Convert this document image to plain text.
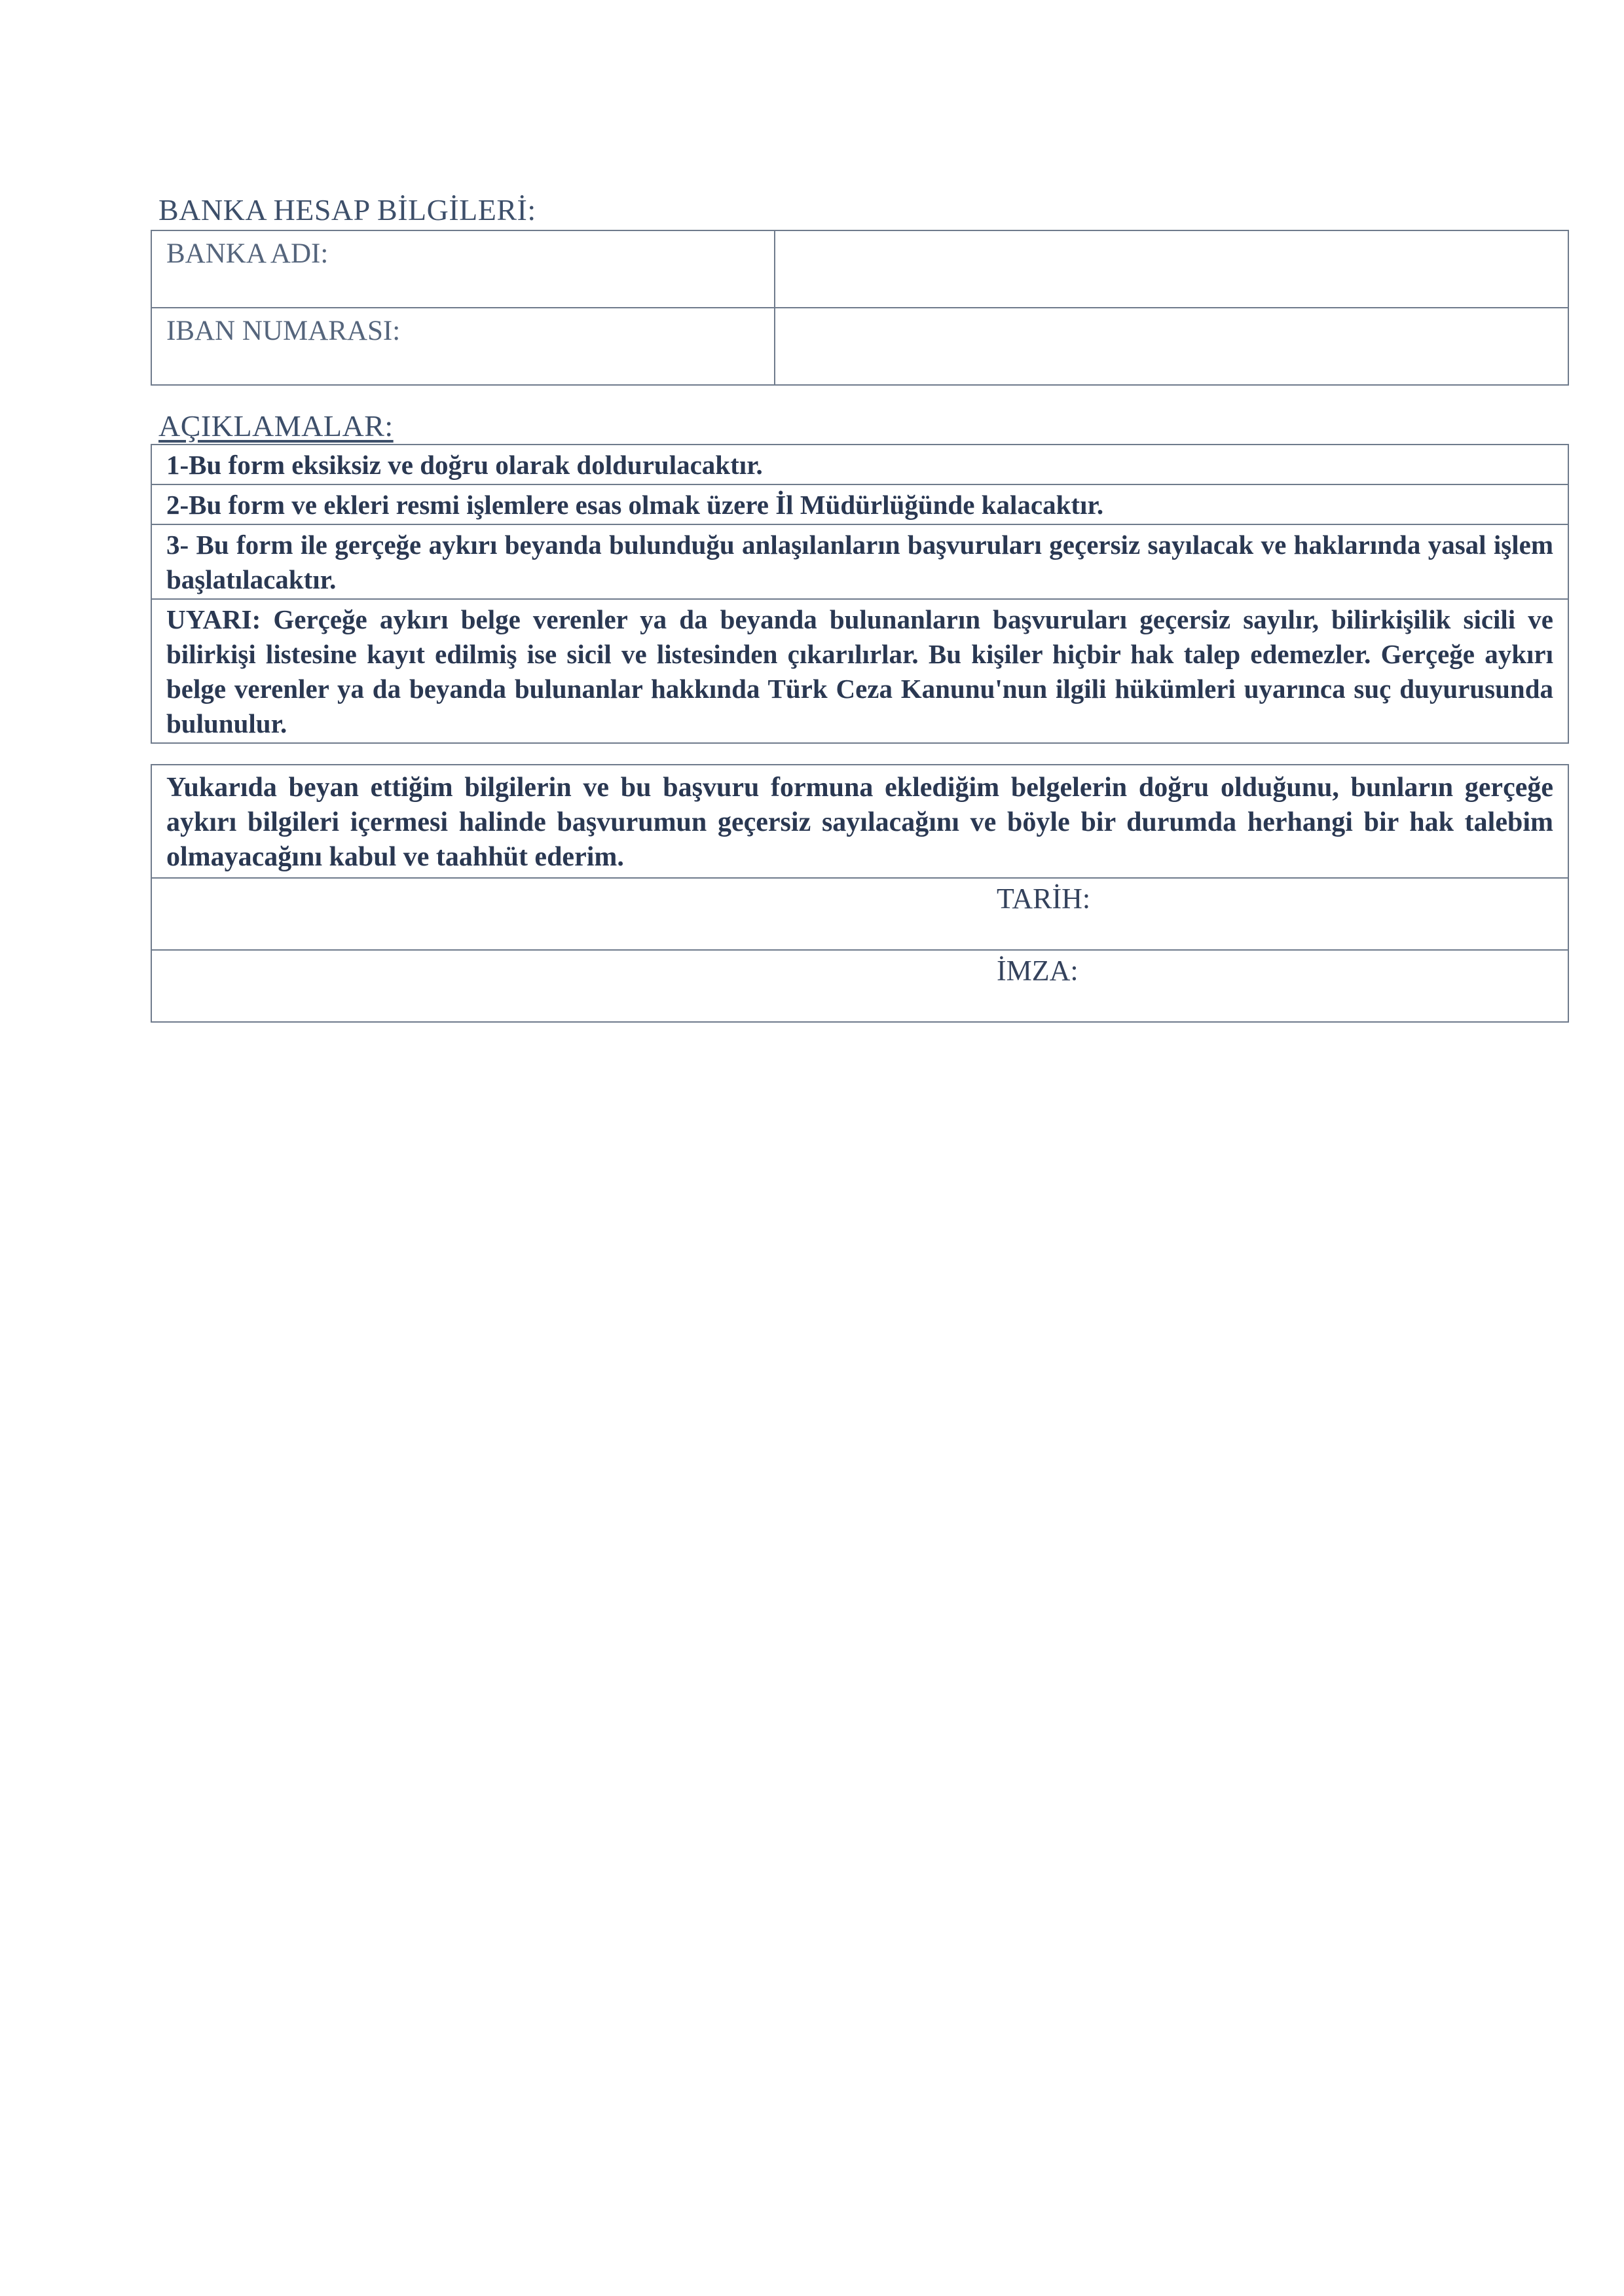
BANKA HESAP BİLGİLERİ:
BANKA ADI:	
IBAN NUMARASI:	
AÇIKLAMALAR:
1-Bu form eksiksiz ve doğru olarak doldurulacaktır.
2-Bu form ve ekleri resmi işlemlere esas olmak üzere İl Müdürlüğünde kalacaktır.
3- Bu form ile gerçeğe aykırı beyanda bulunduğu anlaşılanların başvuruları geçersiz sayılacak ve haklarında yasal işlem başlatılacaktır.
UYARI: Gerçeğe aykırı belge verenler ya da beyanda bulunanların başvuruları geçersiz sayılır, bilirkişilik sicili ve bilirkişi listesine kayıt edilmiş ise sicil ve listesinden çıkarılırlar. Bu kişiler hiçbir hak talep edemezler. Gerçeğe aykırı belge verenler ya da beyanda bulunanlar hakkında Türk Ceza Kanunu'nun ilgili hükümleri uyarınca suç duyurusunda bulunulur.
Yukarıda beyan ettiğim bilgilerin ve bu başvuru formuna eklediğim belgelerin doğru olduğunu, bunların gerçeğe aykırı bilgileri içermesi halinde başvurumun geçersiz sayılacağını ve böyle bir durumda herhangi bir hak talebim olmayacağını kabul ve taahhüt ederim.
TARİH:
İMZA:
